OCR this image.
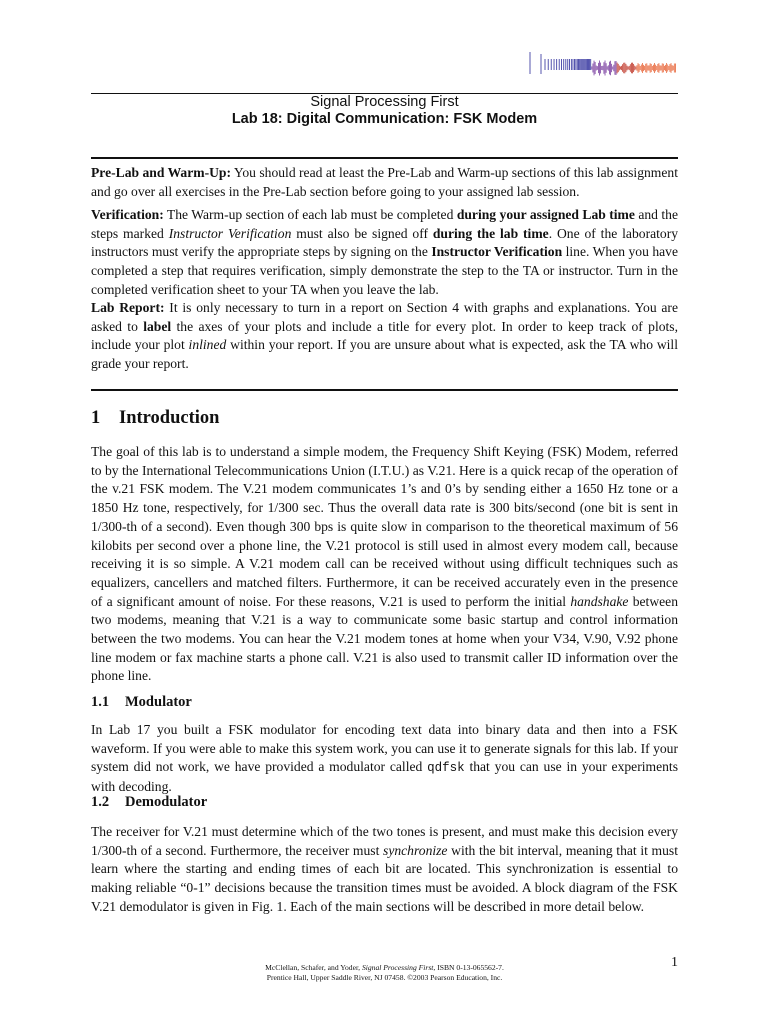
Signal Processing First
Lab 18: Digital Communication: FSK Modem

Pre-Lab and Warm-Up: You should read at least the Pre-Lab and Warm-up sections of this lab assignment and go over all exercises in the Pre-Lab section before going to your assigned lab session.

Verification: The Warm-up section of each lab must be completed during your assigned Lab time and the steps marked Instructor Verification must also be signed off during the lab time. One of the laboratory instructors must verify the appropriate steps by signing on the Instructor Verification line. When you have completed a step that requires verification, simply demonstrate the step to the TA or instructor. Turn in the completed verification sheet to your TA when you leave the lab.

Lab Report: It is only necessary to turn in a report on Section 4 with graphs and explanations. You are asked to label the axes of your plots and include a title for every plot. In order to keep track of plots, include your plot inlined within your report. If you are unsure about what is expected, ask the TA who will grade your report.

1 Introduction

The goal of this lab is to understand a simple modem, the Frequency Shift Keying (FSK) Modem, referred to by the International Telecommunications Union (I.T.U.) as V.21. Here is a quick recap of the operation of the v.21 FSK modem. The V.21 modem communicates 1’s and 0’s by sending either a 1650 Hz tone or a 1850 Hz tone, respectively, for 1/300 sec. Thus the overall data rate is 300 bits/second (one bit is sent in 1/300-th of a second). Even though 300 bps is quite slow in comparison to the theoretical maximum of 56 kilobits per second over a phone line, the V.21 protocol is still used in almost every modem call, because receiving it is so simple. A V.21 modem call can be received without using difficult techniques such as equalizers, cancellers and matched filters. Furthermore, it can be received accurately even in the presence of a significant amount of noise. For these reasons, V.21 is used to perform the initial handshake between two modems, meaning that V.21 is a way to communicate some basic startup and control information between the two modems. You can hear the V.21 modem tones at home when your V34, V.90, V.92 phone line modem or fax machine starts a phone call. V.21 is also used to transmit caller ID information over the phone line.

1.1 Modulator

In Lab 17 you built a FSK modulator for encoding text data into binary data and then into a FSK waveform. If you were able to make this system work, you can use it to generate signals for this lab. If your system did not work, we have provided a modulator called qdfsk that you can use in your experiments with decoding.

1.2 Demodulator

The receiver for V.21 must determine which of the two tones is present, and must make this decision every 1/300-th of a second. Furthermore, the receiver must synchronize with the bit interval, meaning that it must learn where the starting and ending times of each bit are located. This synchronization is essential to making reliable “0-1” decisions because the transition times must be avoided. A block diagram of the FSK V.21 demodulator is given in Fig. 1. Each of the main sections will be described in more detail below.

McClellan, Schafer, and Yoder, Signal Processing First, ISBN 0-13-065562-7.
Prentice Hall, Upper Saddle River, NJ 07458. ©2003 Pearson Education, Inc.
1
